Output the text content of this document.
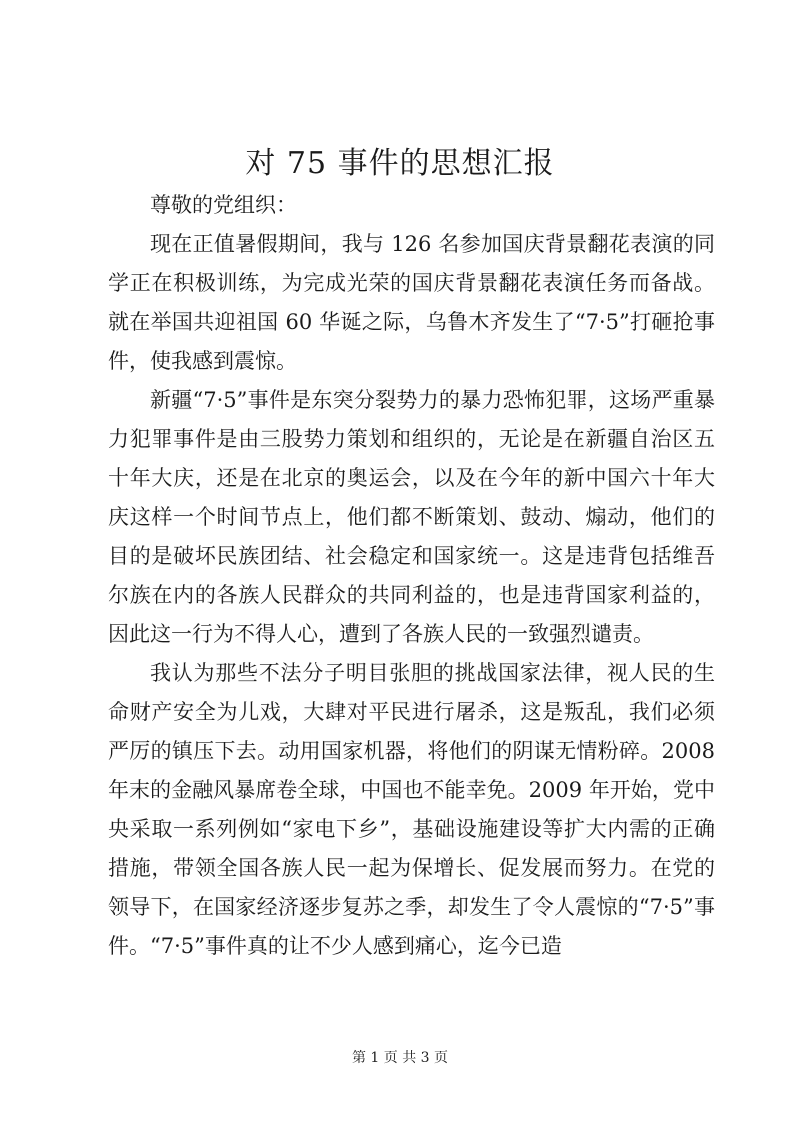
对 75 事件的思想汇报

尊敬的党组织：

现在正值暑假期间，我与 126 名参加国庆背景翻花表演的同学正在积极训练，为完成光荣的国庆背景翻花表演任务而备战。就在举国共迎祖国 60 华诞之际，乌鲁木齐发生了“7·5”打砸抢事件，使我感到震惊。

新疆“7·5”事件是东突分裂势力的暴力恐怖犯罪，这场严重暴力犯罪事件是由三股势力策划和组织的，无论是在新疆自治区五十年大庆，还是在北京的奥运会，以及在今年的新中国六十年大庆这样一个时间节点上，他们都不断策划、鼓动、煽动，他们的目的是破坏民族团结、社会稳定和国家统一。这是违背包括维吾尔族在内的各族人民群众的共同利益的，也是违背国家利益的，因此这一行为不得人心，遭到了各族人民的一致强烈谴责。

我认为那些不法分子明目张胆的挑战国家法律，视人民的生命财产安全为儿戏，大肆对平民进行屠杀，这是叛乱，我们必须严厉的镇压下去。动用国家机器，将他们的阴谋无情粉碎。2008 年末的金融风暴席卷全球，中国也不能幸免。2009 年开始，党中央采取一系列例如“家电下乡”，基础设施建设等扩大内需的正确措施，带领全国各族人民一起为保增长、促发展而努力。在党的领导下，在国家经济逐步复苏之季，却发生了令人震惊的“7·5”事件。“7·5”事件真的让不少人感到痛心，迄今已造

第 1 页 共 3 页
